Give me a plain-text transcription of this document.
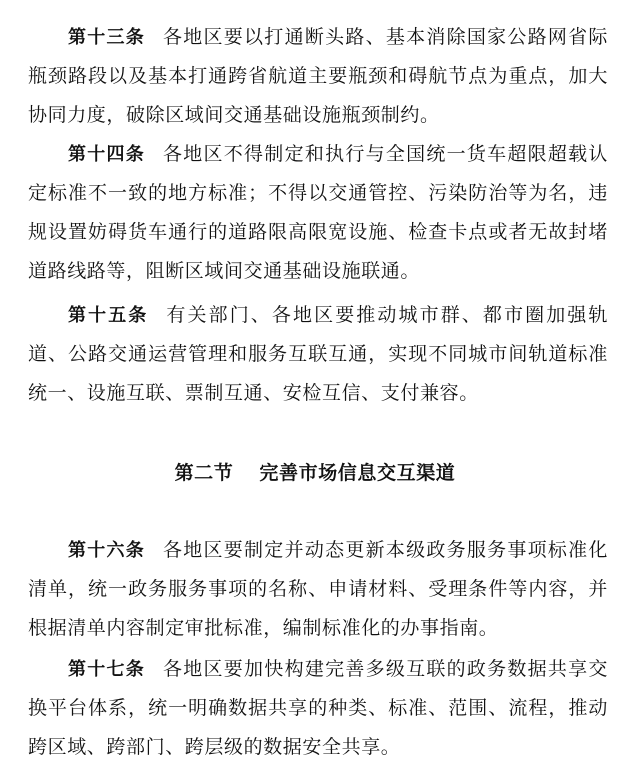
第十三条 各地区要以打通断头路、基本消除国家公路网省际瓶颈路段以及基本打通跨省航道主要瓶颈和碍航节点为重点，加大协同力度，破除区域间交通基础设施瓶颈制约。

第十四条 各地区不得制定和执行与全国统一货车超限超载认定标准不一致的地方标准；不得以交通管控、污染防治等为名，违规设置妨碍货车通行的道路限高限宽设施、检查卡点或者无故封堵道路线路等，阻断区域间交通基础设施联通。

第十五条 有关部门、各地区要推动城市群、都市圈加强轨道、公路交通运营管理和服务互联互通，实现不同城市间轨道标准统一、设施互联、票制互通、安检互信、支付兼容。

第二节 完善市场信息交互渠道

第十六条 各地区要制定并动态更新本级政务服务事项标准化清单，统一政务服务事项的名称、申请材料、受理条件等内容，并根据清单内容制定审批标准，编制标准化的办事指南。

第十七条 各地区要加快构建完善多级互联的政务数据共享交换平台体系，统一明确数据共享的种类、标准、范围、流程，推动跨区域、跨部门、跨层级的数据安全共享。
